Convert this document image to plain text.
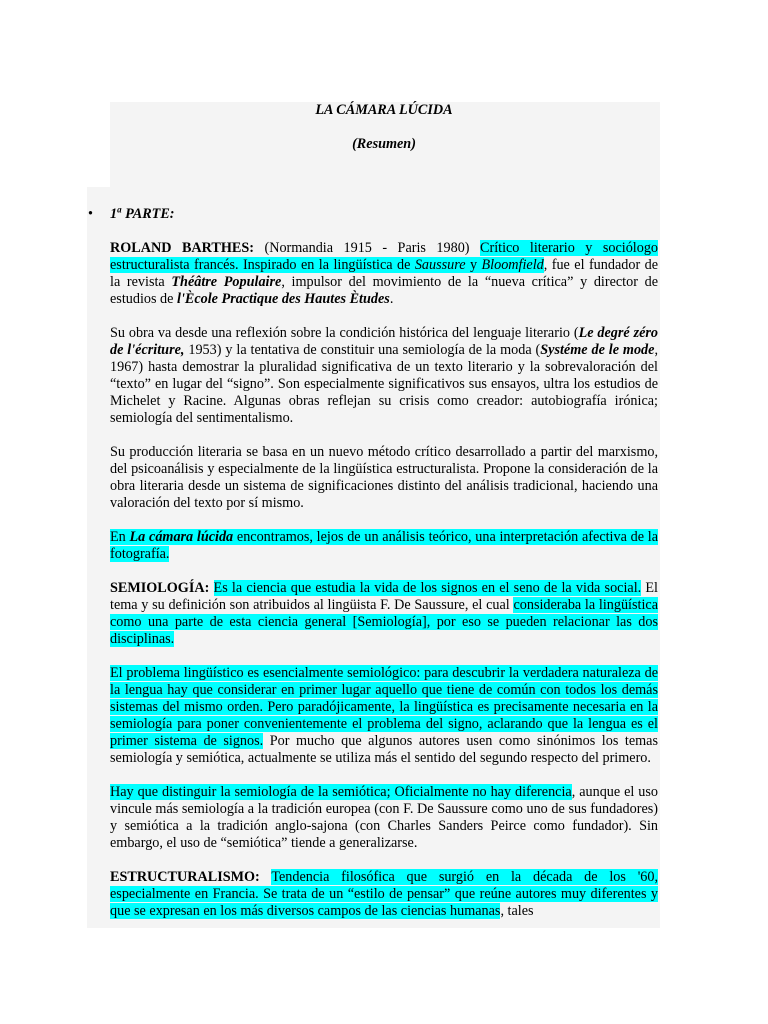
LA CÁMARA LÚCIDA
(Resumen)
• 1$^a$ PARTE:

ROLAND BARTHES: (Normandia 1915 - Paris 1980) Crítico literario y sociólogo estructuralista francés. Inspirado en la lingüística de Saussure y Bloomfield, fue el fundador de la revista Théâtre Populaire, impulsor del movimiento de la “nueva crítica” y director de estudios de l'Ècole Practique des Hautes Ètudes.

Su obra va desde una reflexión sobre la condición histórica del lenguaje literario (Le degré zéro de l'écriture, 1953) y la tentativa de constituir una semiología de la moda (Systéme de le mode, 1967) hasta demostrar la pluralidad significativa de un texto literario y la sobrevaloración del “texto” en lugar del “signo”. Son especialmente significativos sus ensayos, ultra los estudios de Michelet y Racine. Algunas obras reflejan su crisis como creador: autobiografía irónica; semiología del sentimentalismo.

Su producción literaria se basa en un nuevo método crítico desarrollado a partir del marxismo, del psicoanálisis y especialmente de la lingüística estructuralista. Propone la consideración de la obra literaria desde un sistema de significaciones distinto del análisis tradicional, haciendo una valoración del texto por sí mismo.

En La cámara lúcida encontramos, lejos de un análisis teórico, una interpretación afectiva de la fotografía.

SEMIOLOGÍA: Es la ciencia que estudia la vida de los signos en el seno de la vida social. El tema y su definición son atribuidos al lingüista F. De Saussure, el cual consideraba la lingüística como una parte de esta ciencia general [Semiología], por eso se pueden relacionar las dos disciplinas.

El problema lingüístico es esencialmente semiológico: para descubrir la verdadera naturaleza de la lengua hay que considerar en primer lugar aquello que tiene de común con todos los demás sistemas del mismo orden. Pero paradójicamente, la lingüística es precisamente necesaria en la semiología para poner convenientemente el problema del signo, aclarando que la lengua es el primer sistema de signos. Por mucho que algunos autores usen como sinónimos los temas semiología y semiótica, actualmente se utiliza más el sentido del segundo respecto del primero.

Hay que distinguir la semiología de la semiótica; Oficialmente no hay diferencia, aunque el uso vincule más semiología a la tradición europea (con F. De Saussure como uno de sus fundadores) y semiótica a la tradición anglo-sajona (con Charles Sanders Peirce como fundador). Sin embargo, el uso de “semiótica” tiende a generalizarse.

ESTRUCTURALISMO: Tendencia filosófica que surgió en la década de los '60, especialmente en Francia. Se trata de un “estilo de pensar” que reúne autores muy diferentes y que se expresan en los más diversos campos de las ciencias humanas, tales
